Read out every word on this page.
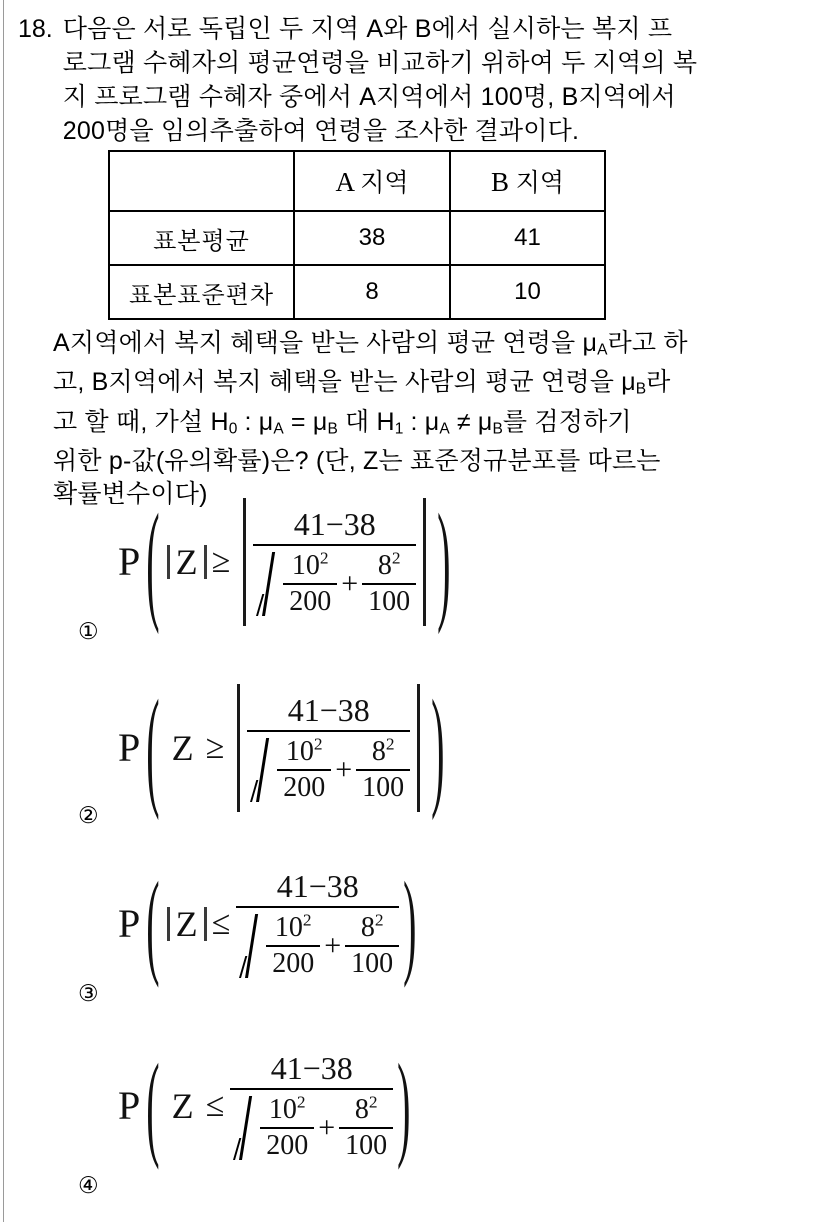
18. 다음은 서로 독립인 두 지역 A와 B에서 실시하는 복지 프
로그램 수혜자의 평균연령을 비교하기 위하여 두 지역의 복
지 프로그램 수혜자 중에서 A지역에서 100명, B지역에서
200명을 임의추출하여 연령을 조사한 결과이다.
	A 지역	B 지역
표본평균	38	41
표본표준편차	8	10
A지역에서 복지 혜택을 받는 사람의 평균 연령을 $\mu_A$라고 하
고, B지역에서 복지 혜택을 받는 사람의 평균 연령을 $\mu_B$라
고 할 때, 가설 $H_0$ : $\mu_A = \mu_B$ 대 $H_1$ : $\mu_A \ne \mu_B$를 검정하기
위한 p-값(유의확률)은? (단, Z는 표준정규분포를 따르는
확률변수이다)
①
P ( Z ≥
41−38
$\frac{10^2}{200} + \frac{8^2}{100}$ )
②
P ( Z ≥
41−38
$\frac{10^2}{200} + \frac{8^2}{100}$ )
③
P ( Z ≤
41−38
$\frac{10^2}{200} + \frac{8^2}{100}$ )
④
P ( Z ≤
41−38
$\frac{10^2}{200} + \frac{8^2}{100}$ )
